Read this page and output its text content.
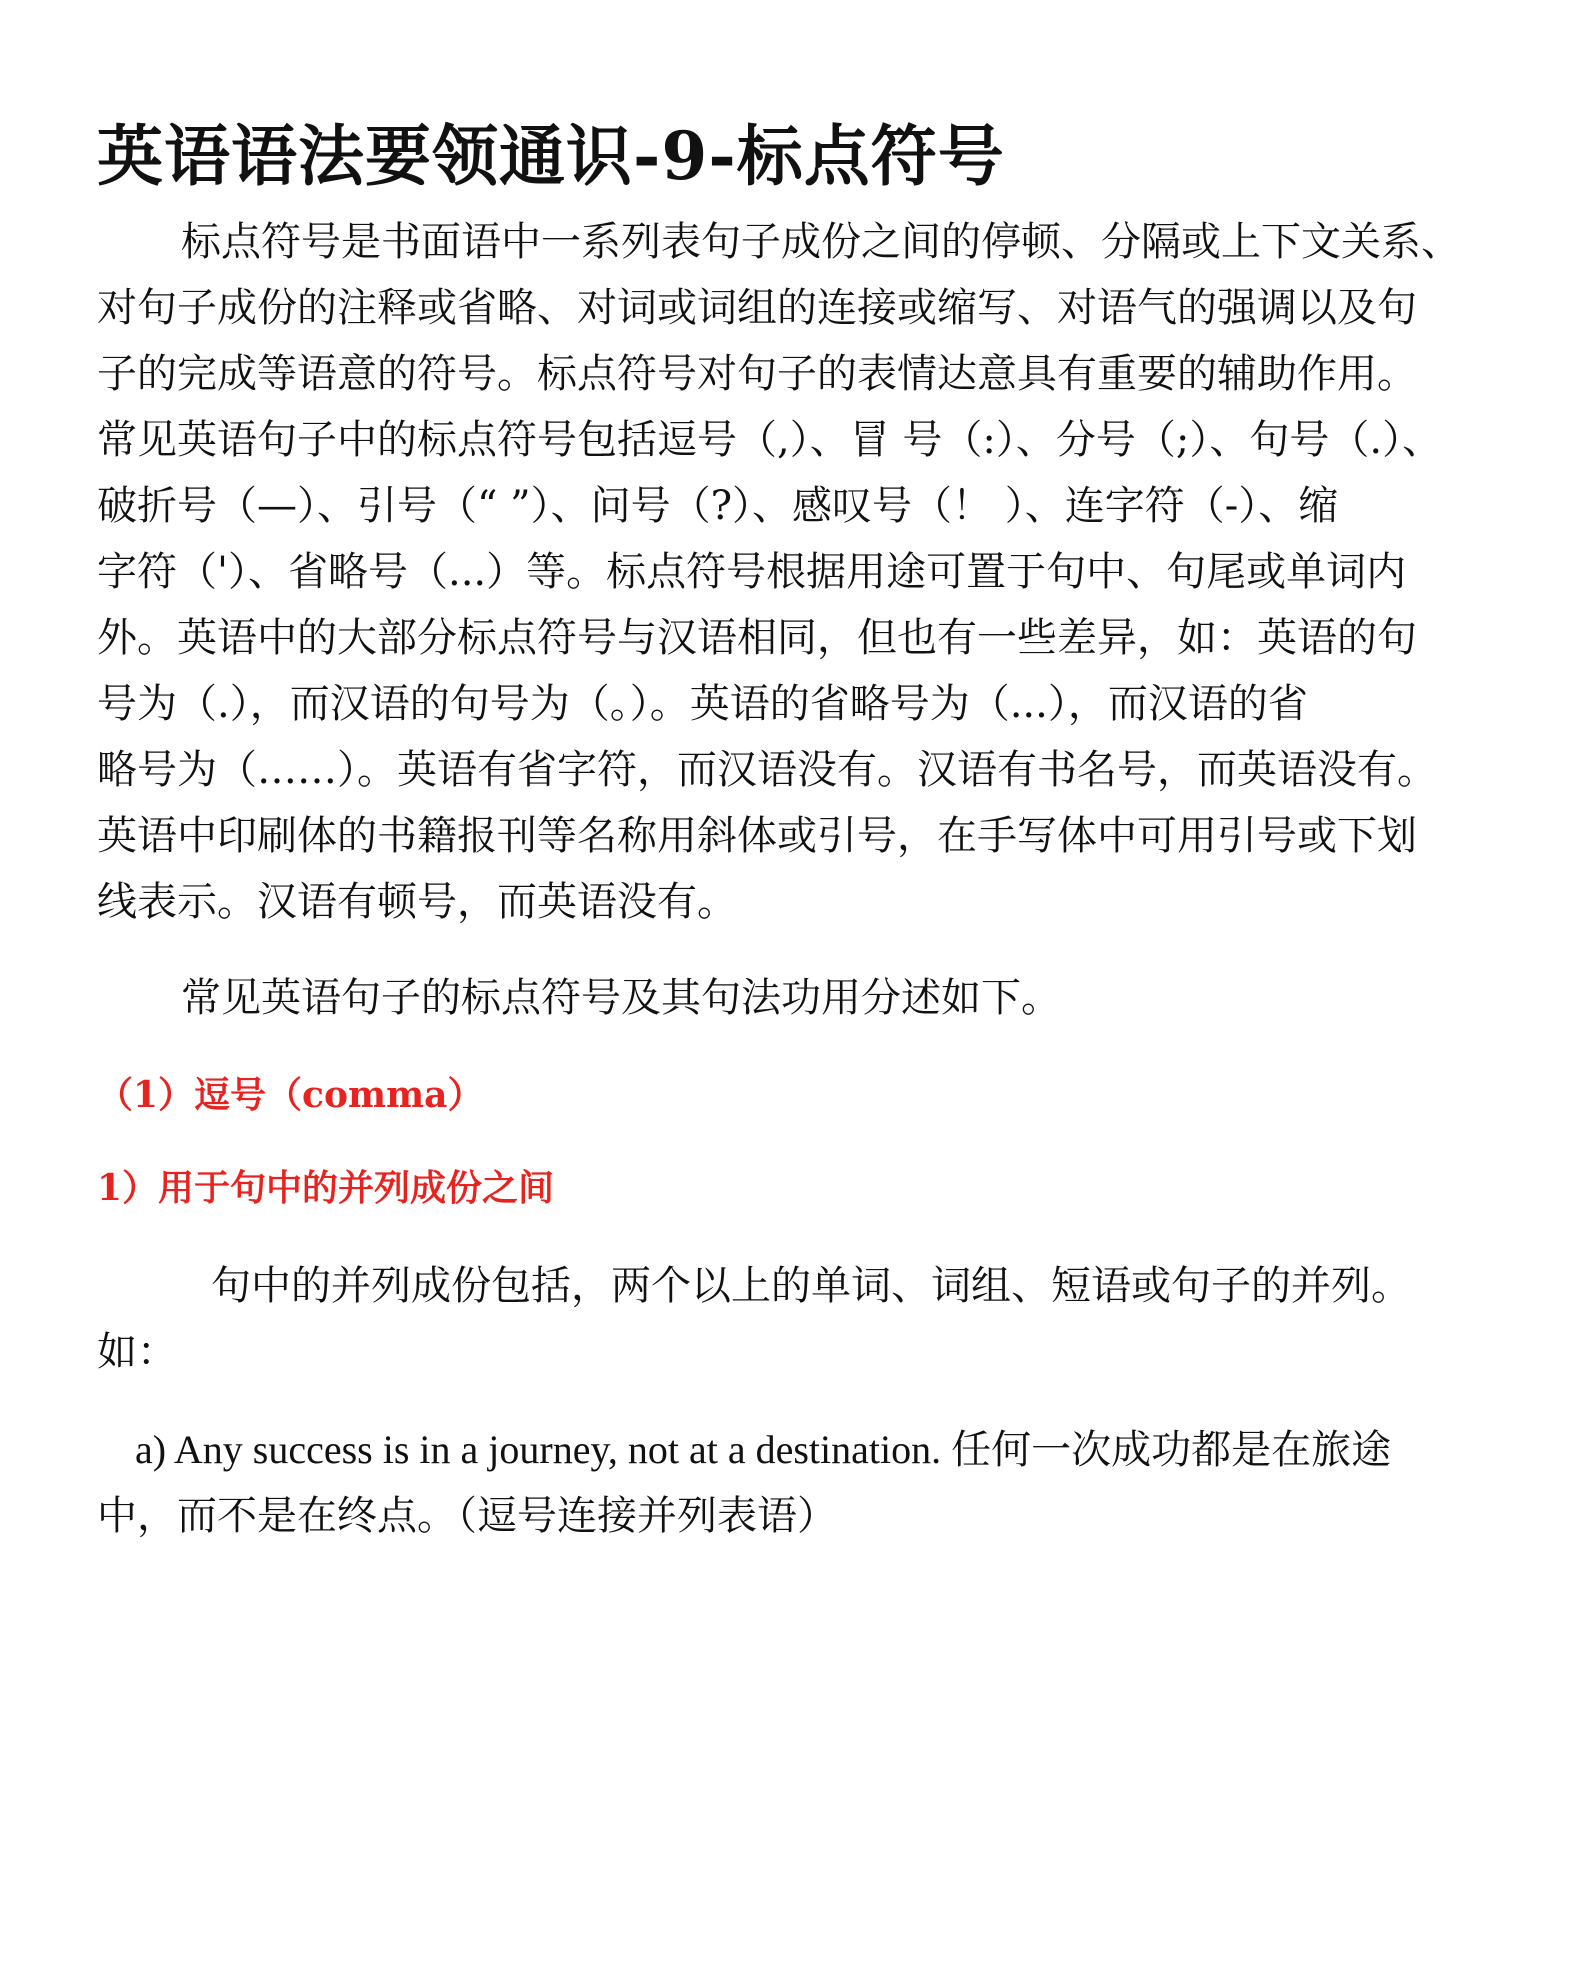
英语语法要领通识-9-标点符号

标点符号是书面语中一系列表句子成份之间的停顿、分隔或上下文关系、

对句子成份的注释或省略、对词或词组的连接或缩写、对语气的强调以及句

子的完成等语意的符号。标点符号对句子的表情达意具有重要的辅助作用。

常见英语句子中的标点符号包括逗号（,）、冒 号（:）、分号（;）、句号（.）、

破折号（—）、引号（“ ”）、问号（?）、感叹号（！ ）、连字符（-）、缩

字符（'）、省略号（...）等。标点符号根据用途可置于句中、句尾或单词内

外。英语中的大部分标点符号与汉语相同，但也有一些差异，如：英语的句

号为（.），而汉语的句号为（。）。英语的省略号为（...），而汉语的省

略号为（……）。英语有省字符，而汉语没有。汉语有书名号，而英语没有。

英语中印刷体的书籍报刊等名称用斜体或引号，在手写体中可用引号或下划

线表示。汉语有顿号，而英语没有。

常见英语句子的标点符号及其句法功用分述如下。

（1）逗号（comma）
1）用于句中的并列成份之间

句中的并列成份包括，两个以上的单词、词组、短语或句子的并列。

如：

a) Any success is in a journey, not at a destination. 任何一次成功都是在旅途

中，而不是在终点。（逗号连接并列表语）
